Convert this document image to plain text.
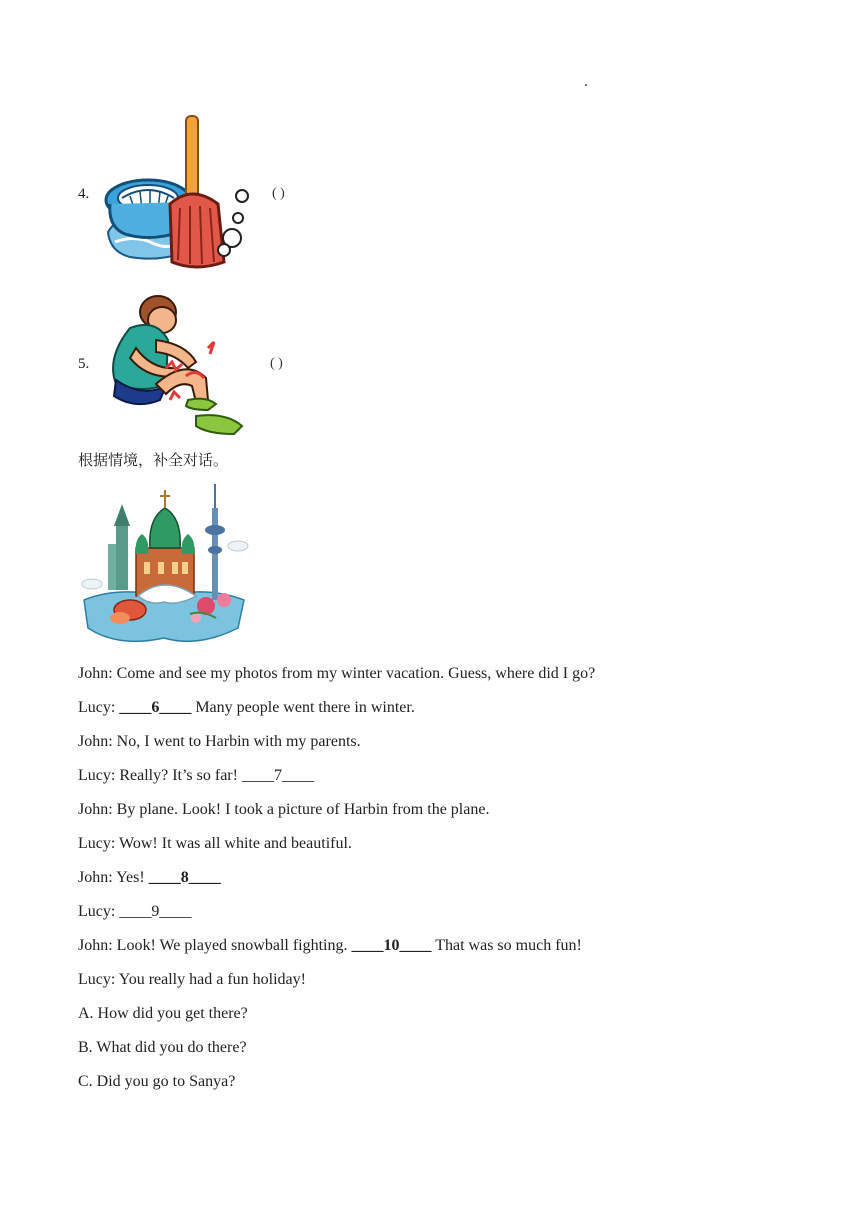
4.	( )
5.	( )
根据情境，补全对话。
John: Come and see my photos from my winter vacation. Guess, where did I go?
Lucy: ____6____ Many people went there in winter.
John: No, I went to Harbin with my parents.
Lucy: Really? It’s so far! ____7____
John: By plane. Look! I took a picture of Harbin from the plane.
Lucy: Wow! It was all white and beautiful.
John: Yes! ____8____
Lucy: ____9____
John: Look! We played snowball fighting. ____10____ That was so much fun!
Lucy: You really had a fun holiday!
A. How did you get there?
B. What did you do there?
C. Did you go to Sanya?
